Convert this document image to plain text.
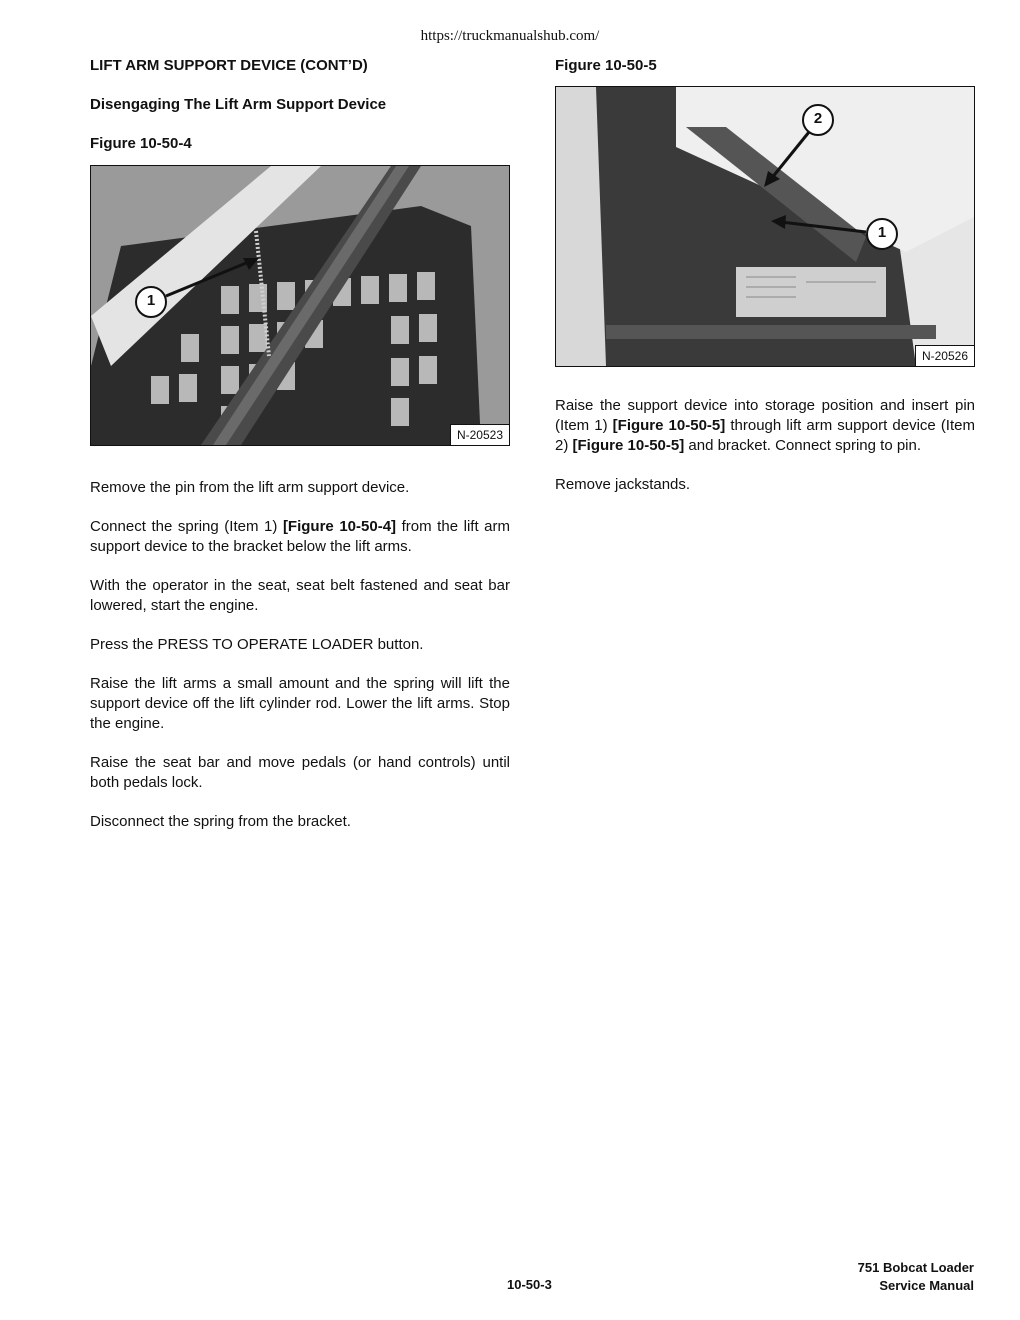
https://truckmanualshub.com/
LIFT ARM SUPPORT DEVICE (CONT’D)
Disengaging The Lift Arm Support Device
Figure 10-50-4
1
N-20523

Remove the pin from the lift arm support device.

Connect the spring (Item 1) [Figure 10-50-4] from the lift arm support device to the bracket below the lift arms.

With the operator in the seat, seat belt fastened and seat bar lowered, start the engine.

Press the PRESS TO OPERATE LOADER button.

Raise the lift arms a small amount and the spring will lift the support device off the lift cylinder rod. Lower the lift arms. Stop the engine.

Raise the seat bar and move pedals (or hand controls) until both pedals lock.

Disconnect the spring from the bracket.

Figure 10-50-5
2
1
N-20526

Raise the support device into storage position and insert pin (Item 1) [Figure 10-50-5] through lift arm support device (Item 2) [Figure 10-50-5] and bracket. Connect spring to pin.

Remove jackstands.

10-50-3
751 Bobcat Loader
Service Manual
